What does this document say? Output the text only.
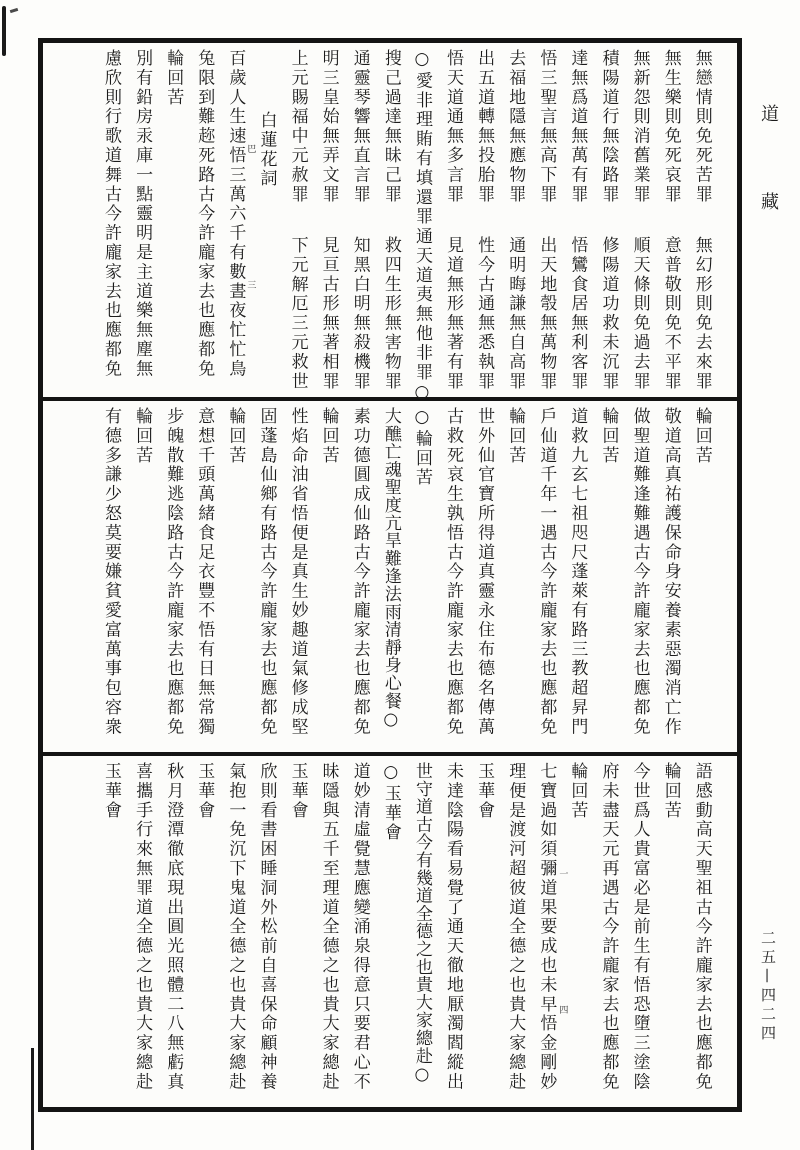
無戀情則免死苦罪
無幻形則免去來罪
無生樂則免死哀罪
意普敬則免不平罪
無新怨則消舊業罪
順天條則免過去罪
積陽道行無陰路罪
修陽道功救未沉罪
達無爲道無萬有罪
悟鸞食居無利客罪
悟三聖言無高下罪
出天地彀無萬物罪
去福地隱無應物罪
通明晦謙無自高罪
出五道轉無投胎罪
性今古通無悉執罪
悟天道通無多言罪
見道無形無著有罪
○愛非理賄有填還罪
通天道夷無他非罪○
搜己過達無昧己罪
救四生形無害物罪
通靈琴響無直言罪
知黑白明無殺機罪
明三皇始無弄文罪
見亘古形無著相罪
上元賜福中元赦罪
下元解厄三元救世
白蓮花詞
百歲人生速悟三萬六千有數晝夜忙忙鳥 巴
三
兔限到難趂死路古今許龐家去也應都免
輪回苦
別有鉛房汞庫一點靈明是主道樂無塵無
慮欣則行歌道舞古今許龐家去也應都免
輪回苦
敬道高真祐護保命身安養素惡濁消亡作
做聖道難逢難遇古今許龐家去也應都免
輪回苦
道救九玄七祖咫尺蓬萊有路三教超昇門
戶仙道千年一遇古今許龐家去也應都免
輪回苦
世外仙官寶所得道真靈永住布德名傳萬
古救死哀生孰悟古今許龐家去也應都免
○輪回苦
大醮亡魂聖度亢旱難逢法雨清靜身心餐○
素功德圓成仙路古今許龐家去也應都免
輪回苦
性焰命油省悟便是真生妙趣道氣修成堅
固蓬島仙鄉有路古今許龐家去也應都免
輪回苦
意想千頭萬緒食足衣豐不悟有日無常獨
步魄散難逃陰路古今許龐家去也應都免
輪回苦
有德多謙少怒莫要嫌貧愛富萬事包容衆
語感動高天聖祖古今許龐家去也應都免
輪回苦
今世爲人貴富必是前生有悟恐墮三塗陰
府未盡天元再遇古今許龐家去也應都免
輪回苦
一
四
七寶過如須彌道果要成也未早悟金剛妙
理便是渡河超彼道全德之也貴大家總赴
玉華會
未達陰陽看易覺了通天徹地厭濁閻縱出
世守道古今有幾道全德之也貴大家總赴○
○玉華會
道妙清虛覺慧應變涌泉得意只要君心不
昧隱與五千至理道全德之也貴大家總赴
玉華會
欣則看書困睡洞外松前自喜保命顧神養
氣抱一免沉下鬼道全德之也貴大家總赴
玉華會
秋月澄潭徹底現出圓光照體二八無虧真
喜攜手行來無罪道全德之也貴大家總赴
玉華會
道藏
二五—四二四
